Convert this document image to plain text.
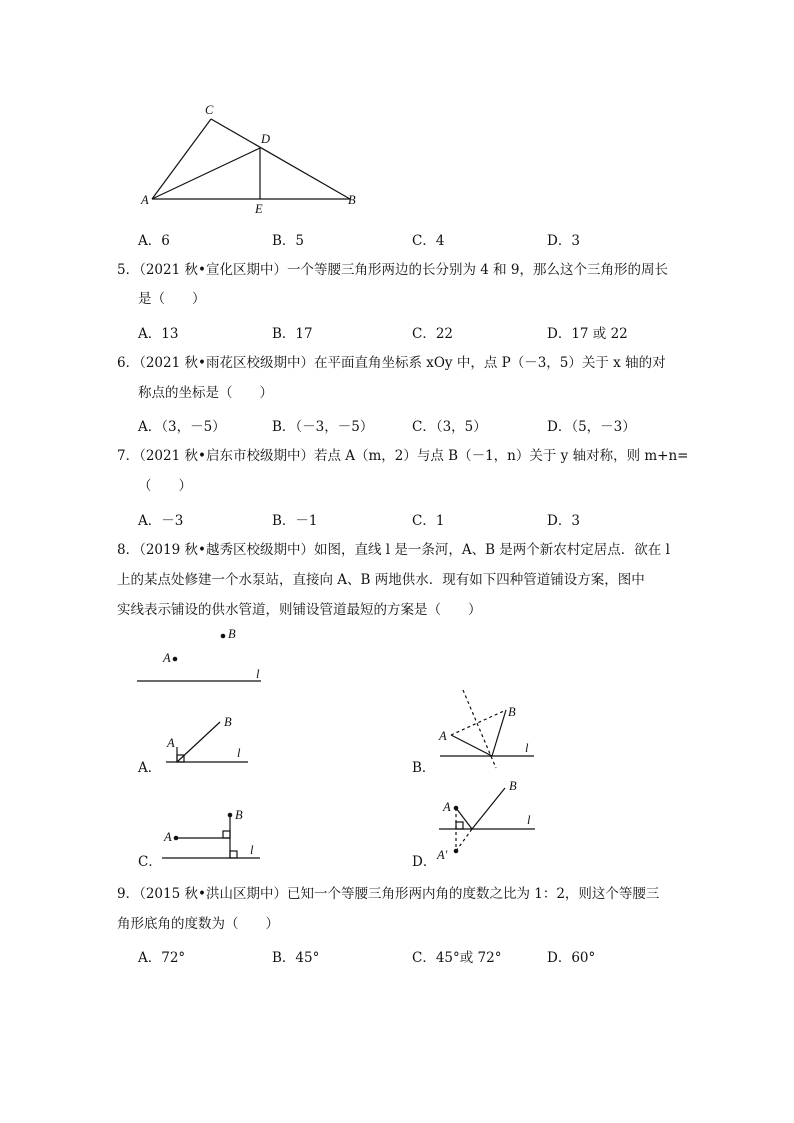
C
D
A
E
B
A．6	B．5	C．4	D．3
5．（2021 秋•宣化区期中）一个等腰三角形两边的长分别为 4 和 9，那么这个三角形的周长
是（　　）
A．13	B．17	C．22	D．17 或 22
6．（2021 秋•雨花区校级期中）在平面直角坐标系 xOy 中，点 P（－3，5）关于 x 轴的对
称点的坐标是（　　）
A．（3，－5）	B．（－3，－5）	C．（3，5）	D．（5，－3）
7．（2021 秋•启东市校级期中）若点 A（m，2）与点 B（－1，n）关于 y 轴对称，则 m+n=
（　　）
A．－3	B．－1	C．1	D．3
8．（2019 秋•越秀区校级期中）如图，直线 l 是一条河，A、B 是两个新农村定居点．欲在 l
上的某点处修建一个水泵站，直接向 A、B 两地供水．现有如下四种管道铺设方案，图中
实线表示铺设的供水管道，则铺设管道最短的方案是（　　）
B
A
l
A
B
l
A．
A
B
l
B．
A
B
l
C．
A
B
l
A′
D．
9．（2015 秋•洪山区期中）已知一个等腰三角形两内角的度数之比为 1：2，则这个等腰三
角形底角的度数为（　　）
A．72°	B．45°	C．45°或 72°	D．60°
